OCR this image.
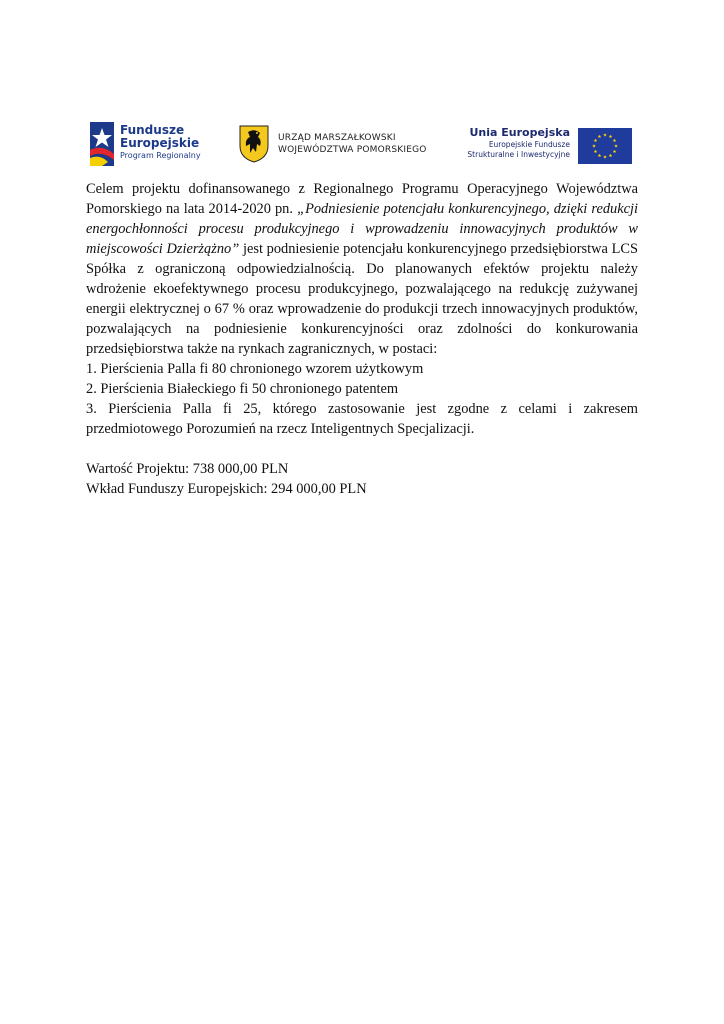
Fundusze
Europejskie
Program Regionalny
URZĄD MARSZAŁKOWSKI
WOJEWÓDZTWA POMORSKIEGO
Unia Europejska
Europejskie Fundusze
Strukturalne i Inwestycyjne

Celem projektu dofinansowanego z Regionalnego Programu Operacyjnego Województwa Pomorskiego na lata 2014-2020 pn. „Podniesienie potencjału konkurencyjnego, dzięki redukcji energochłonności procesu produkcyjnego i wprowadzeniu innowacyjnych produktów w miejscowości Dzierżążno” jest podniesienie potencjału konkurencyjnego przedsiębiorstwa LCS Spółka z ograniczoną odpowiedzialnością. Do planowanych efektów projektu należy wdrożenie ekoefektywnego procesu produkcyjnego, pozwalającego na redukcję zużywanej energii elektrycznej o 67 % oraz wprowadzenie do produkcji trzech innowacyjnych produktów, pozwalających na podniesienie konkurencyjności oraz zdolności do konkurowania przedsiębiorstwa także na rynkach zagranicznych, w postaci:

1. Pierścienia Palla fi 80 chronionego wzorem użytkowym

2. Pierścienia Białeckiego fi 50 chronionego patentem

3. Pierścienia Palla fi 25, którego zastosowanie jest zgodne z celami i zakresem przedmiotowego Porozumień na rzecz Inteligentnych Specjalizacji.

Wartość Projektu: 738 000,00 PLN

Wkład Funduszy Europejskich: 294 000,00 PLN
